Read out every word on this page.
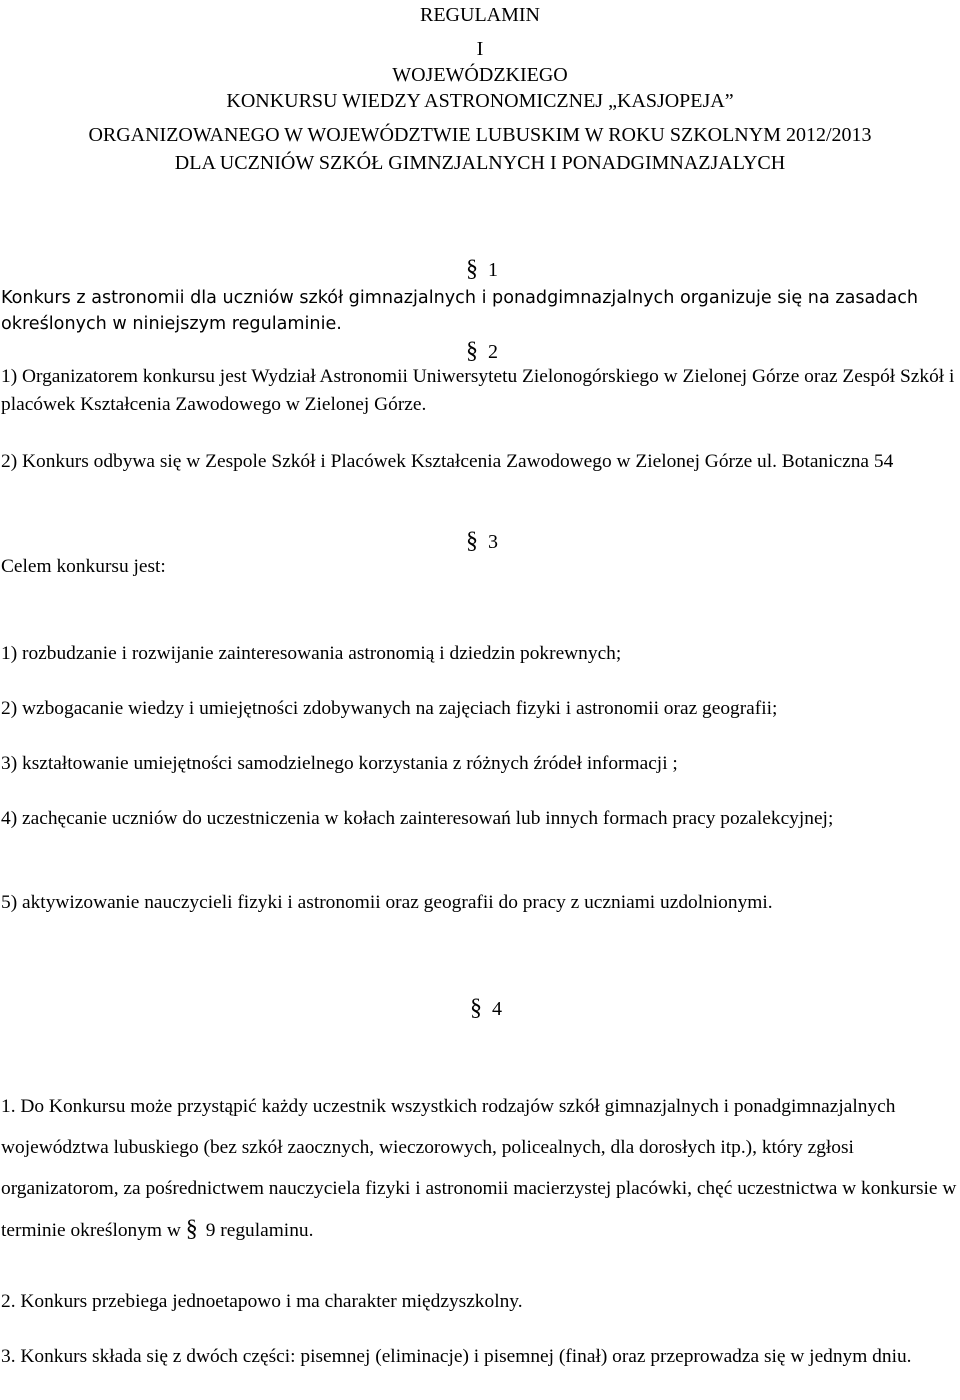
REGULAMIN
I
WOJEWÓDZKIEGO
KONKURSU WIEDZY ASTRONOMICZNEJ „KASJOPEJA”
ORGANIZOWANEGO W WOJEWÓDZTWIE LUBUSKIM W ROKU SZKOLNYM 2012/2013
DLA UCZNIÓW SZKÓŁ GIMNZJALNYCH I PONADGIMNAZJALYCH
§ 1

Konkurs z astronomii dla uczniów szkół gimnazjalnych i ponadgimnazjalnych organizuje się na zasadach określonych w niniejszym regulaminie.

§ 2

1) Organizatorem konkursu jest Wydział Astronomii Uniwersytetu Zielonogórskiego w Zielonej Górze oraz Zespół Szkół i placówek Kształcenia Zawodowego w Zielonej Górze.

2) Konkurs odbywa się w Zespole Szkół i Placówek Kształcenia Zawodowego w Zielonej Górze ul. Botaniczna 54

§ 3

Celem konkursu jest:

1) rozbudzanie i rozwijanie zainteresowania astronomią i dziedzin pokrewnych;

2) wzbogacanie wiedzy i umiejętności zdobywanych na zajęciach fizyki i astronomii oraz geografii;

3) kształtowanie umiejętności samodzielnego korzystania z różnych źródeł informacji ;

4) zachęcanie uczniów do uczestniczenia w kołach zainteresowań lub innych formach pracy pozalekcyjnej;

5) aktywizowanie nauczycieli fizyki i astronomii oraz geografii do pracy z uczniami uzdolnionymi.

§ 4

1. Do Konkursu może przystąpić każdy uczestnik wszystkich rodzajów szkół gimnazjalnych i ponadgimnazjalnych województwa lubuskiego (bez szkół zaocznych, wieczorowych, policealnych, dla dorosłych itp.), który zgłosi organizatorom, za pośrednictwem nauczyciela fizyki i astronomii macierzystej placówki, chęć uczestnictwa w konkursie w terminie określonym w § 9 regulaminu.

2. Konkurs przebiega jednoetapowo i ma charakter międzyszkolny.

3. Konkurs składa się z dwóch części: pisemnej (eliminacje) i pisemnej (finał) oraz przeprowadza się w jednym dniu.
